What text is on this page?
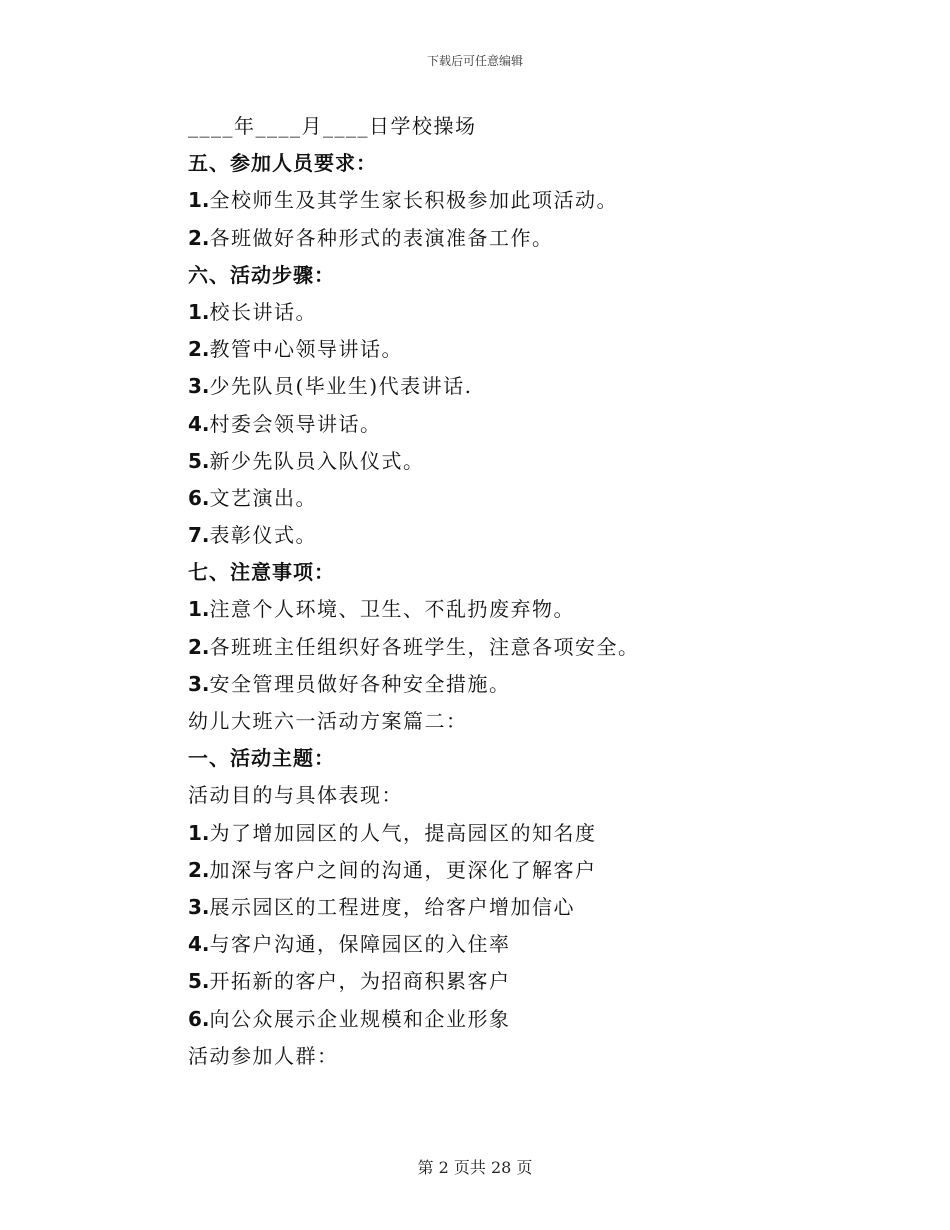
下载后可任意编辑
____年____月____日学校操场
五、参加人员要求：
1.全校师生及其学生家长积极参加此项活动。
2.各班做好各种形式的表演准备工作。
六、活动步骤：
1.校长讲话。
2.教管中心领导讲话。
3.少先队员(毕业生)代表讲话.
4.村委会领导讲话。
5.新少先队员入队仪式。
6.文艺演出。
7.表彰仪式。
七、注意事项：
1.注意个人环境、卫生、不乱扔废弃物。
2.各班班主任组织好各班学生，注意各项安全。
3.安全管理员做好各种安全措施。
幼儿大班六一活动方案篇二：
一、活动主题：
活动目的与具体表现：
1.为了增加园区的人气，提高园区的知名度
2.加深与客户之间的沟通，更深化了解客户
3.展示园区的工程进度，给客户增加信心
4.与客户沟通，保障园区的入住率
5.开拓新的客户，为招商积累客户
6.向公众展示企业规模和企业形象
活动参加人群：
第 2 页共 28 页
